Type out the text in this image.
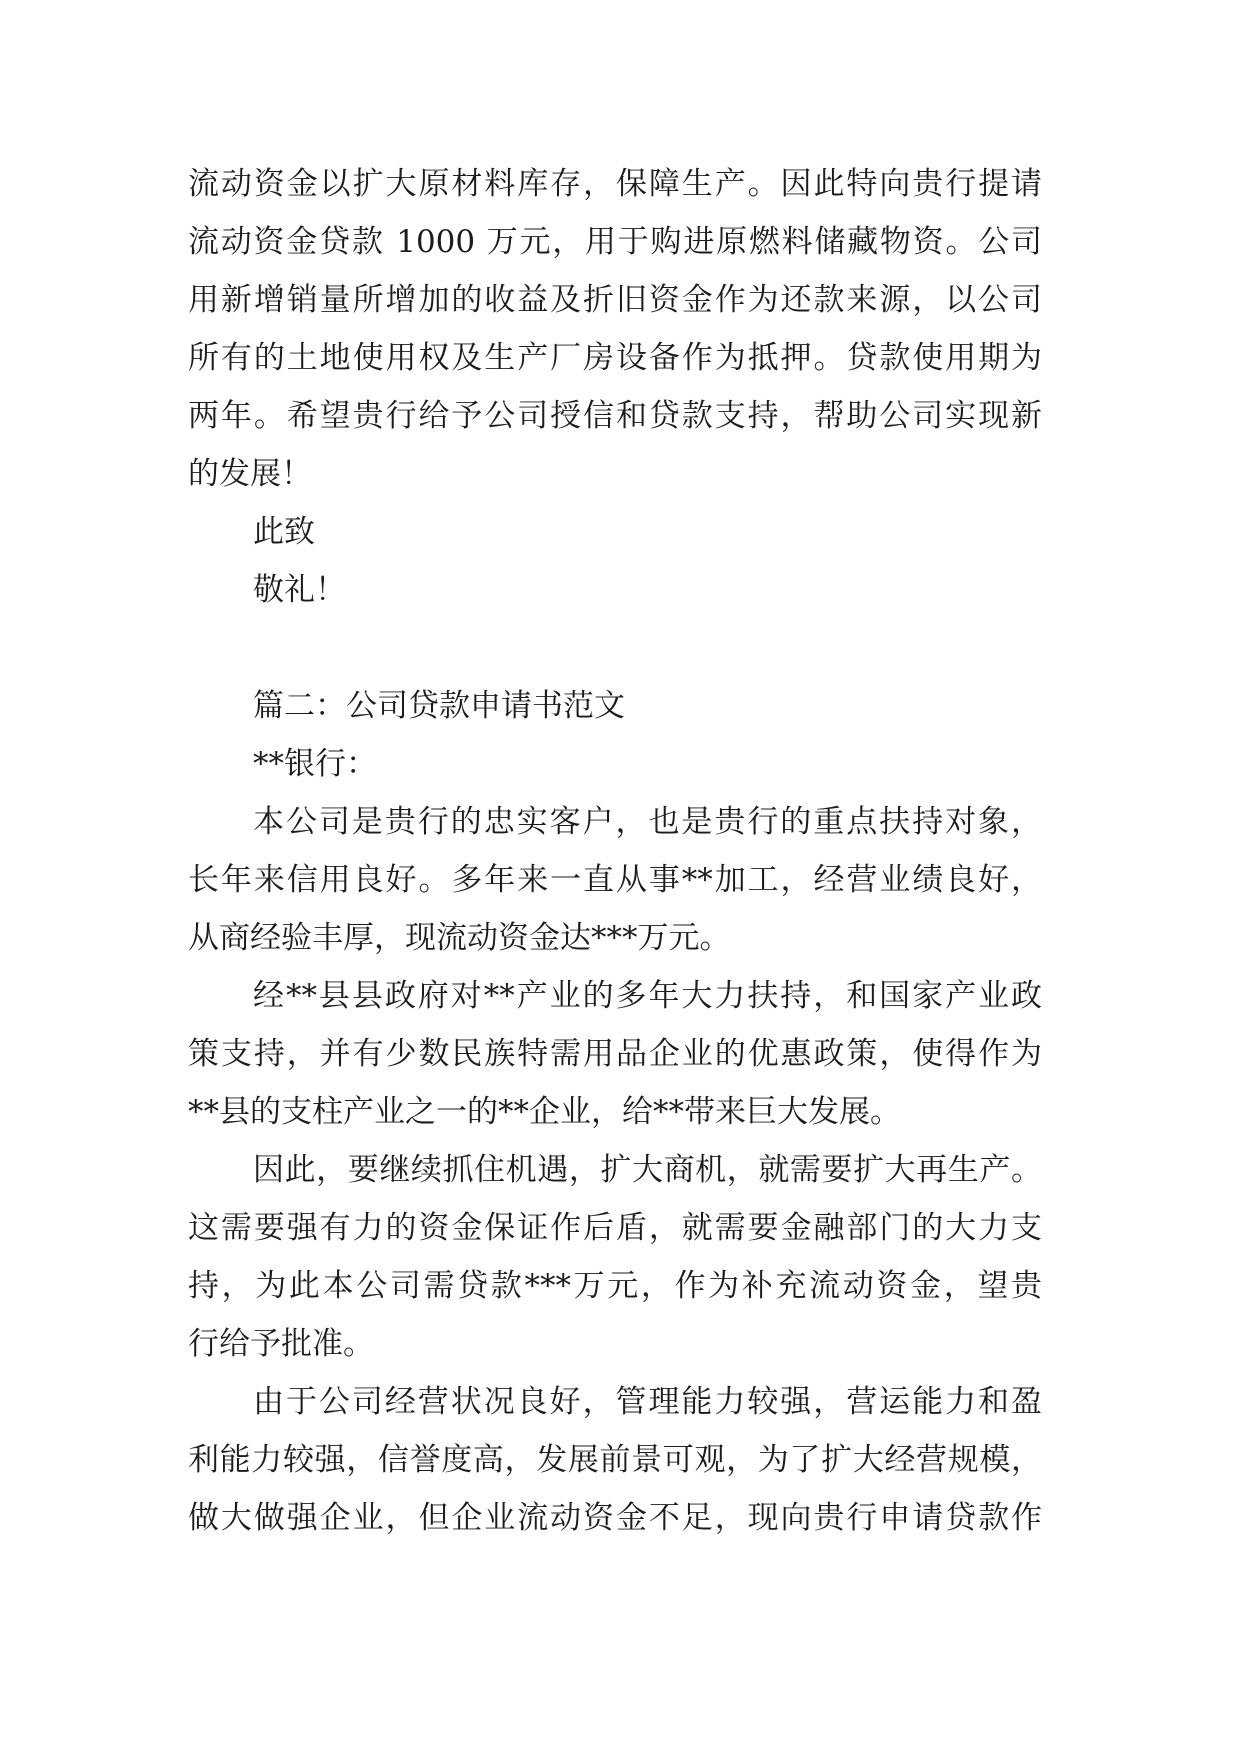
流动资金以扩大原材料库存，保障生产。因此特向贵行提请

流动资金贷款 1000 万元，用于购进原燃料储藏物资。公司

用新增销量所增加的收益及折旧资金作为还款来源，以公司

所有的土地使用权及生产厂房设备作为抵押。贷款使用期为

两年。希望贵行给予公司授信和贷款支持，帮助公司实现新

的发展！

此致

敬礼！

篇二：公司贷款申请书范文

**银行：

本公司是贵行的忠实客户，也是贵行的重点扶持对象，

长年来信用良好。多年来一直从事**加工，经营业绩良好，

从商经验丰厚，现流动资金达***万元。

经**县县政府对**产业的多年大力扶持，和国家产业政

策支持，并有少数民族特需用品企业的优惠政策，使得作为

**县的支柱产业之一的**企业，给**带来巨大发展。

因此，要继续抓住机遇，扩大商机，就需要扩大再生产。

这需要强有力的资金保证作后盾，就需要金融部门的大力支

持，为此本公司需贷款***万元，作为补充流动资金，望贵

行给予批准。

由于公司经营状况良好，管理能力较强，营运能力和盈

利能力较强，信誉度高，发展前景可观，为了扩大经营规模，

做大做强企业，但企业流动资金不足，现向贵行申请贷款作
